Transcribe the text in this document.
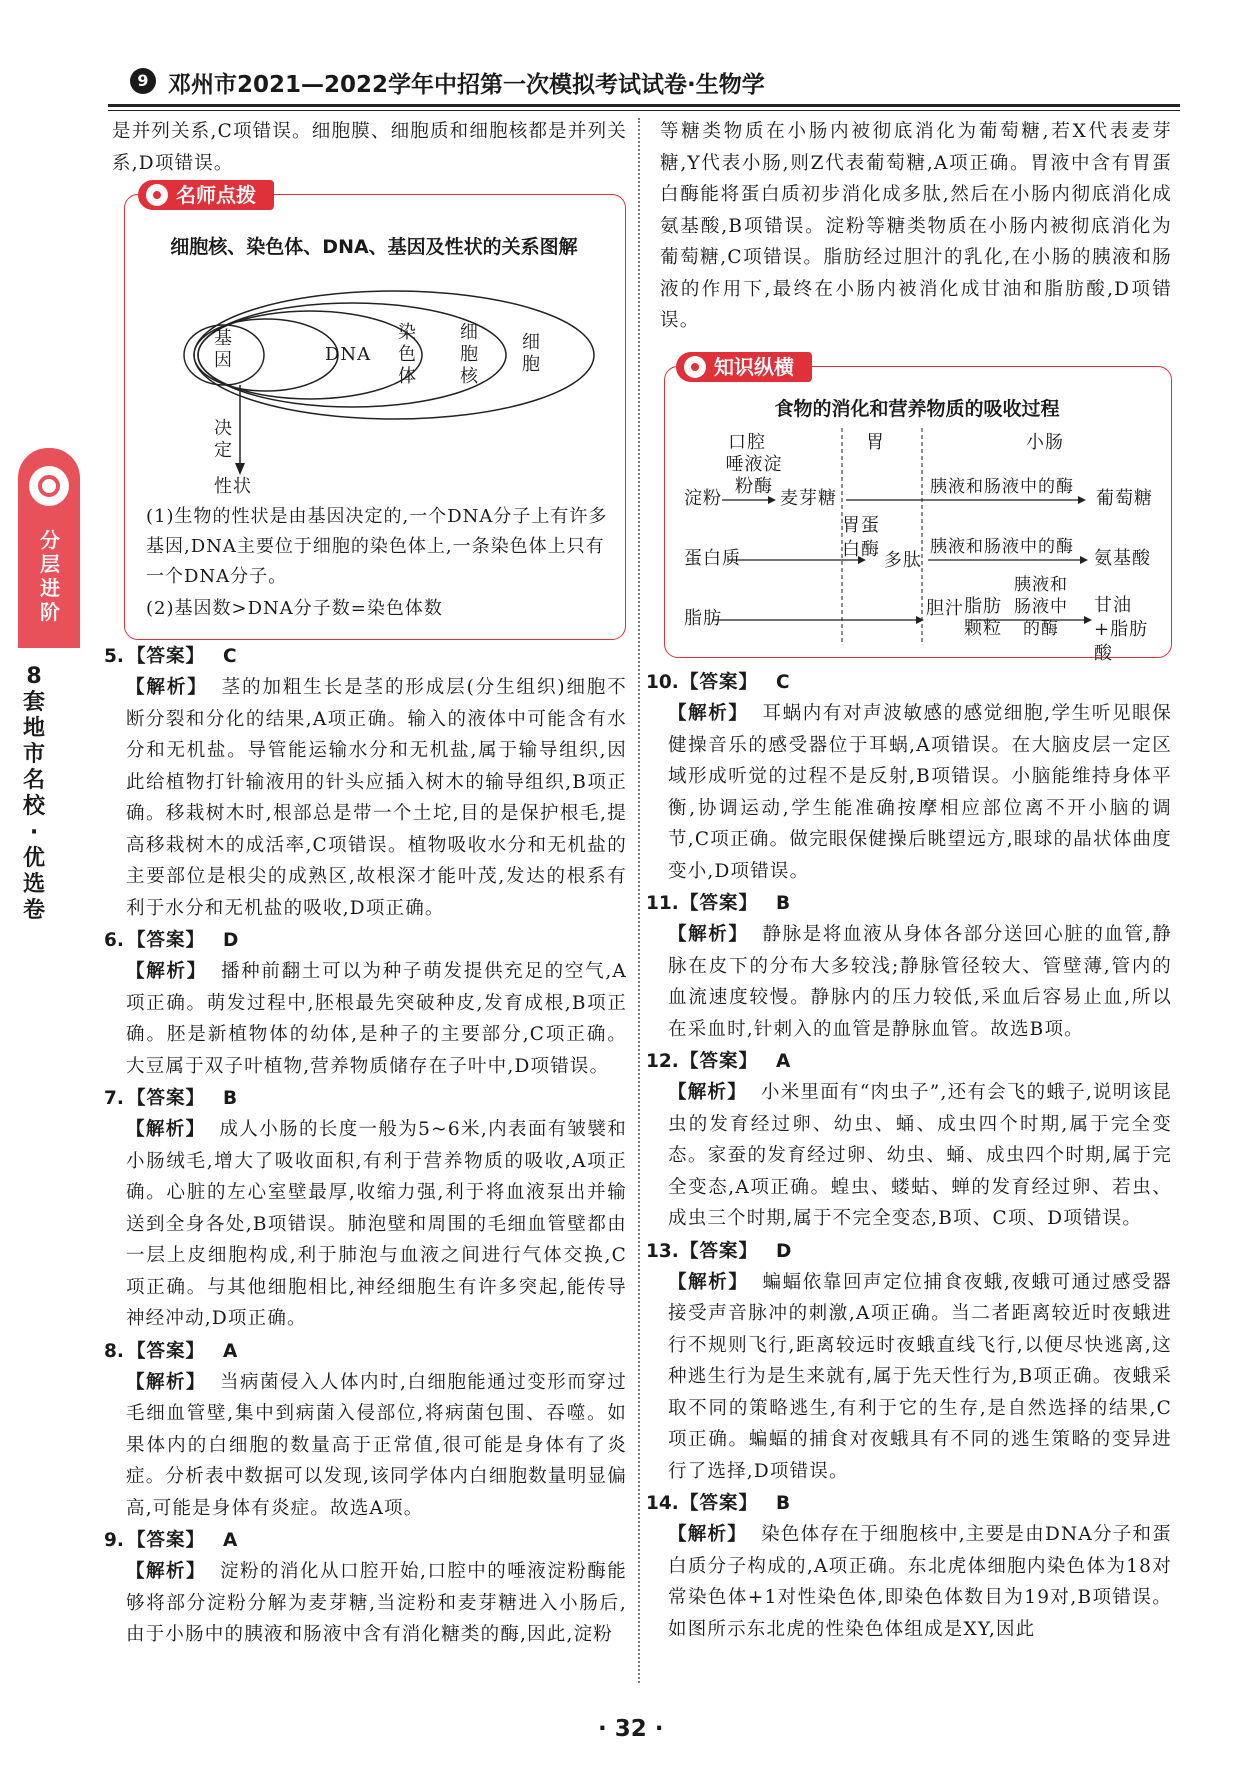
9 邓州市2021—2022学年中招第一次模拟考试试卷·生物学
分层进阶
8套地市名校·优选卷

是并列关系,C项错误。细胞膜、细胞质和细胞核都是并列关系,D项错误。

名师点拨
细胞核、染色体、DNA、基因及性状的关系图解
基因	DNA
染色体
细胞核
细胞
决定
性状
(1)生物的性状是由基因决定的,一个DNA分子上有许多基因,DNA主要位于细胞的染色体上,一条染色体上只有一个DNA分子。
(2)基因数>DNA分子数=染色体数
5. 【答案】 C

【解析】 茎的加粗生长是茎的形成层(分生组织)细胞不断分裂和分化的结果,A项正确。输入的液体中可能含有水分和无机盐。导管能运输水分和无机盐,属于输导组织,因此给植物打针输液用的针头应插入树木的输导组织,B项正确。移栽树木时,根部总是带一个土坨,目的是保护根毛,提高移栽树木的成活率,C项错误。植物吸收水分和无机盐的主要部位是根尖的成熟区,故根深才能叶茂,发达的根系有利于水分和无机盐的吸收,D项正确。

6. 【答案】 D

【解析】 播种前翻土可以为种子萌发提供充足的空气,A项正确。萌发过程中,胚根最先突破种皮,发育成根,B项正确。胚是新植物体的幼体,是种子的主要部分,C项正确。大豆属于双子叶植物,营养物质储存在子叶中,D项错误。

7. 【答案】 B

【解析】 成人小肠的长度一般为5~6米,内表面有皱襞和小肠绒毛,增大了吸收面积,有利于营养物质的吸收,A项正确。心脏的左心室壁最厚,收缩力强,利于将血液泵出并输送到全身各处,B项错误。肺泡壁和周围的毛细血管壁都由一层上皮细胞构成,利于肺泡与血液之间进行气体交换,C项正确。与其他细胞相比,神经细胞生有许多突起,能传导神经冲动,D项正确。

8. 【答案】 A

【解析】 当病菌侵入人体内时,白细胞能通过变形而穿过毛细血管壁,集中到病菌入侵部位,将病菌包围、吞噬。如果体内的白细胞的数量高于正常值,很可能是身体有了炎症。分析表中数据可以发现,该同学体内白细胞数量明显偏高,可能是身体有炎症。故选A项。

9. 【答案】 A

【解析】 淀粉的消化从口腔开始,口腔中的唾液淀粉酶能够将部分淀粉分解为麦芽糖,当淀粉和麦芽糖进入小肠后,由于小肠中的胰液和肠液中含有消化糖类的酶,因此,淀粉

等糖类物质在小肠内被彻底消化为葡萄糖,若X代表麦芽糖,Y代表小肠,则Z代表葡萄糖,A项正确。胃液中含有胃蛋白酶能将蛋白质初步消化成多肽,然后在小肠内彻底消化成氨基酸,B项错误。淀粉等糖类物质在小肠内被彻底消化为葡萄糖,C项错误。脂肪经过胆汁的乳化,在小肠的胰液和肠液的作用下,最终在小肠内被消化成甘油和脂肪酸,D项错误。

知识纵横
食物的消化和营养物质的吸收过程
口腔	胃	小肠
淀粉
唾液淀粉酶
麦芽糖
胰液和肠液中的酶
葡萄糖
蛋白质
胃蛋白酶
多肽
胰液和肠液中的酶
氨基酸
脂肪	胆汁 脂肪颗粒
胰液和肠液中的酶
甘油+脂肪酸
10.【答案】 C

【解析】 耳蜗内有对声波敏感的感觉细胞,学生听见眼保健操音乐的感受器位于耳蜗,A项错误。在大脑皮层一定区域形成听觉的过程不是反射,B项错误。小脑能维持身体平衡,协调运动,学生能准确按摩相应部位离不开小脑的调节,C项正确。做完眼保健操后眺望远方,眼球的晶状体曲度变小,D项错误。

11.【答案】 B

【解析】 静脉是将血液从身体各部分送回心脏的血管,静脉在皮下的分布大多较浅;静脉管径较大、管壁薄,管内的血流速度较慢。静脉内的压力较低,采血后容易止血,所以在采血时,针刺入的血管是静脉血管。故选B项。

12.【答案】 A

【解析】 小米里面有“肉虫子”,还有会飞的蛾子,说明该昆虫的发育经过卵、幼虫、蛹、成虫四个时期,属于完全变态。家蚕的发育经过卵、幼虫、蛹、成虫四个时期,属于完全变态,A项正确。蝗虫、蝼蛄、蝉的发育经过卵、若虫、成虫三个时期,属于不完全变态,B项、C项、D项错误。

13.【答案】 D

【解析】 蝙蝠依靠回声定位捕食夜蛾,夜蛾可通过感受器接受声音脉冲的刺激,A项正确。当二者距离较近时夜蛾进行不规则飞行,距离较远时夜蛾直线飞行,以便尽快逃离,这种逃生行为是生来就有,属于先天性行为,B项正确。夜蛾采取不同的策略逃生,有利于它的生存,是自然选择的结果,C项正确。蝙蝠的捕食对夜蛾具有不同的逃生策略的变异进行了选择,D项错误。

14.【答案】 B

【解析】 染色体存在于细胞核中,主要是由DNA分子和蛋白质分子构成的,A项正确。东北虎体细胞内染色体为18对常染色体+1对性染色体,即染色体数目为19对,B项错误。如图所示东北虎的性染色体组成是XY,因此

· 32 ·
